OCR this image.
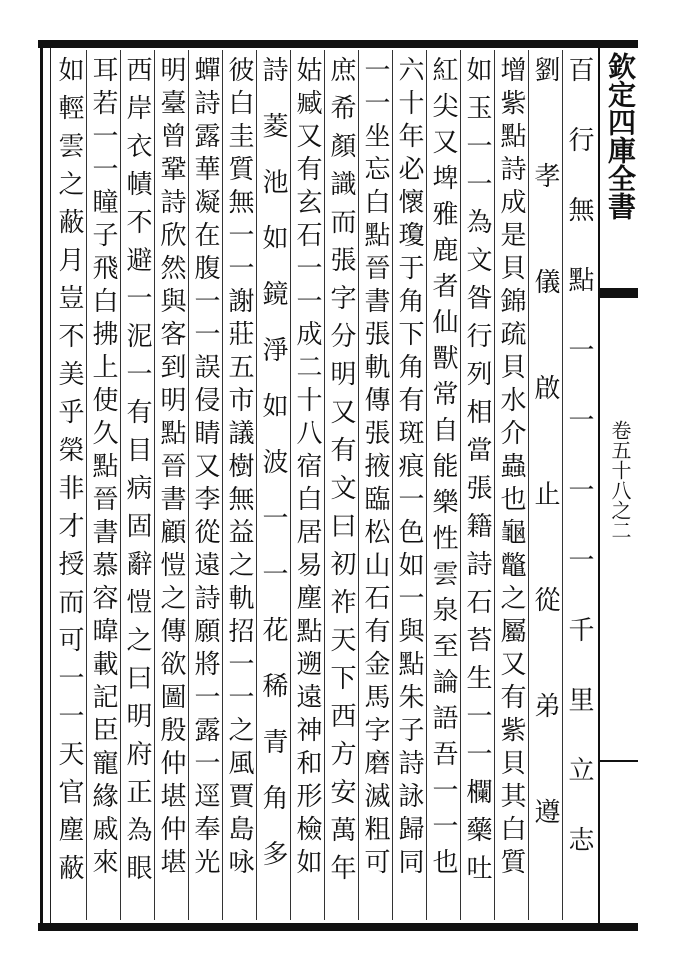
欽定四庫全書
卷五十八之二
百行無點一一一一千里立志
劉孝儀啟止從弟遵
增紫點詩成是貝錦疏貝水介蟲也龜鼈之屬又有紫貝其白質
如玉一一為文昝行列相當張籍詩石苔生一一欄藥吐
紅尖又埤雅鹿者仙獸常自能樂性雲泉至論語吾一一也
六十年必懷瓊于角下角有斑痕一色如一與點朱子詩詠歸同
一一坐忘白點晉書張軌傳張掖臨松山石有金馬字磨滅粗可
庶希顏識而張字分明又有文曰初祚天下西方安萬年
姑臧又有玄石一一成二十八宿白居易塵點遡遠神和形檢如
詩菱池如鏡淨如波一一花稀青角多
彼白圭質無一一謝莊五市議樹無益之軌招一一之風賈島咏
蟬詩露華凝在腹一一誤侵睛又李從遠詩願將一露一逕奉光
明臺曾鞏詩欣然與客到明點晉書顧愷之傳欲圖殷仲堪仲堪
西岸衣幘不避一泥一有目病固辭愷之曰明府正為眼
耳若一一瞳子飛白拂上使久點晉書慕容暐載記臣寵緣戚來
如輕雲之蔽月豈不美乎榮非才授而可一一天官塵蔽
